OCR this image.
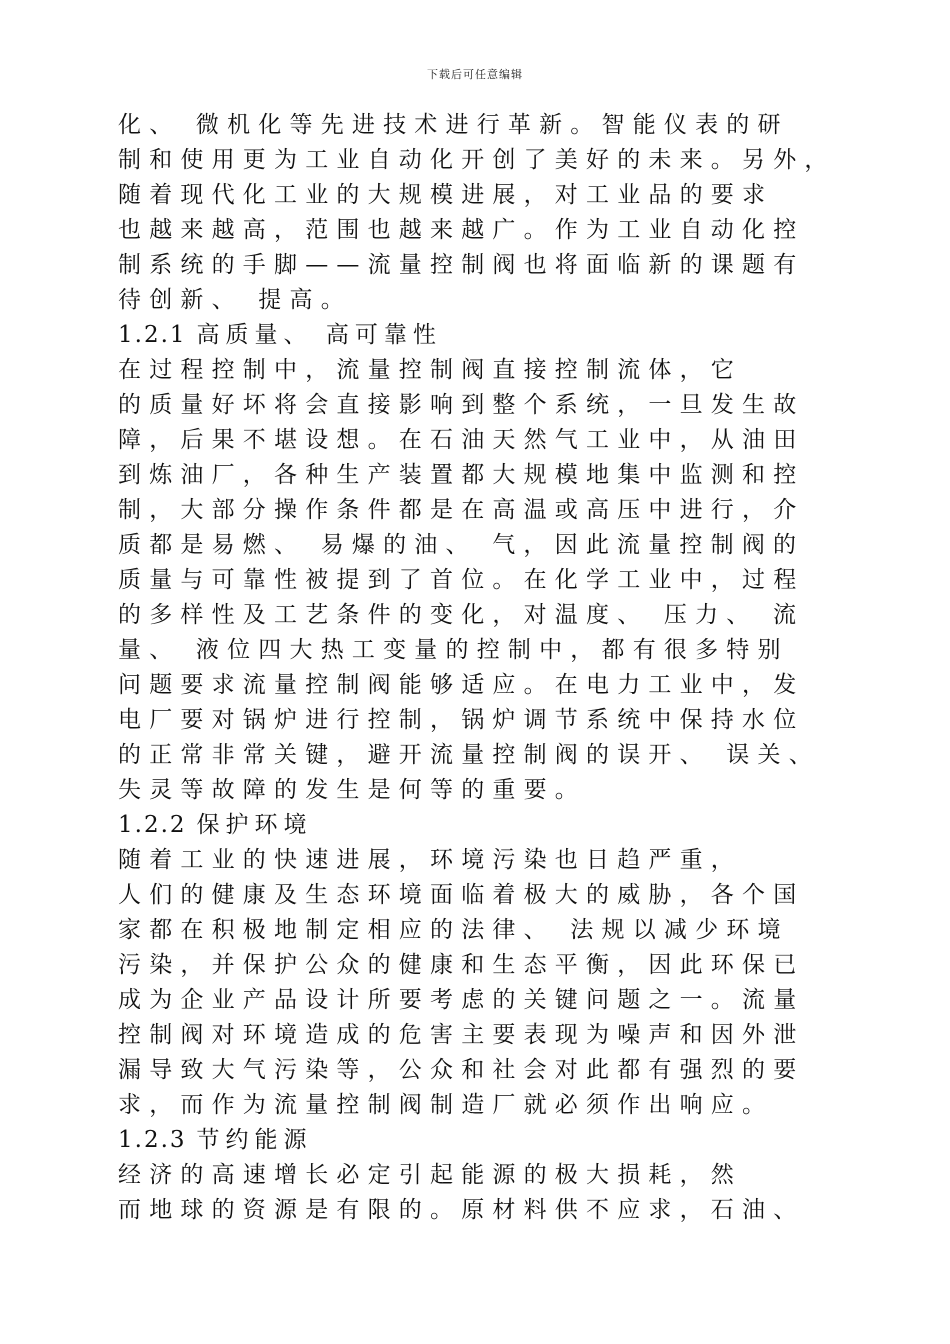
下载后可任意编辑
化、 微机化等先进技术进行革新。智能仪表的研
制和使用更为工业自动化开创了美好的未来。另外，
随着现代化工业的大规模进展，对工业品的要求
也越来越高，范围也越来越广。作为工业自动化控
制系统的手脚——流量控制阀也将面临新的课题有
待创新、 提高。
1.2.1 高质量、 高可靠性
在过程控制中，流量控制阀直接控制流体，它
的质量好坏将会直接影响到整个系统，一旦发生故
障，后果不堪设想。在石油天然气工业中，从油田
到炼油厂，各种生产装置都大规模地集中监测和控
制，大部分操作条件都是在高温或高压中进行，介
质都是易燃、 易爆的油、 气，因此流量控制阀的
质量与可靠性被提到了首位。在化学工业中，过程
的多样性及工艺条件的变化，对温度、 压力、 流
量、 液位四大热工变量的控制中，都有很多特别
问题要求流量控制阀能够适应。在电力工业中，发
电厂要对锅炉进行控制，锅炉调节系统中保持水位
的正常非常关键，避开流量控制阀的误开、 误关、
失灵等故障的发生是何等的重要。
1.2.2 保护环境
随着工业的快速进展，环境污染也日趋严重，
人们的健康及生态环境面临着极大的威胁，各个国
家都在积极地制定相应的法律、 法规以减少环境
污染，并保护公众的健康和生态平衡，因此环保已
成为企业产品设计所要考虑的关键问题之一。流量
控制阀对环境造成的危害主要表现为噪声和因外泄
漏导致大气污染等，公众和社会对此都有强烈的要
求，而作为流量控制阀制造厂就必须作出响应。
1.2.3 节约能源
经济的高速增长必定引起能源的极大损耗，然
而地球的资源是有限的。原材料供不应求，石油、
